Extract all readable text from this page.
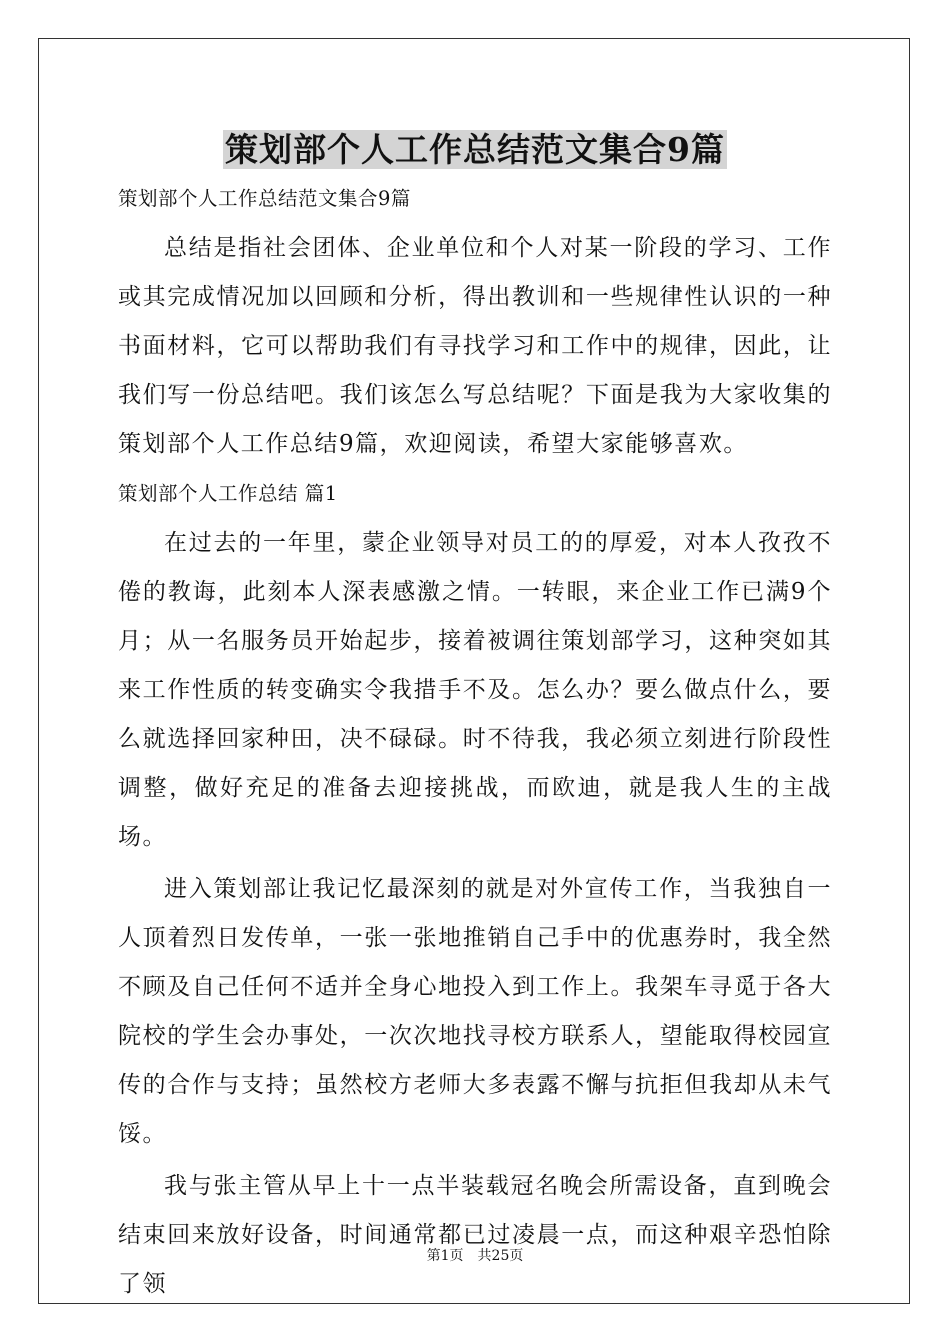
策划部个人工作总结范文集合9篇

策划部个人工作总结范文集合9篇

总结是指社会团体、企业单位和个人对某一阶段的学习、工作或其完成情况加以回顾和分析，得出教训和一些规律性认识的一种书面材料，它可以帮助我们有寻找学习和工作中的规律，因此，让我们写一份总结吧。我们该怎么写总结呢？下面是我为大家收集的策划部个人工作总结9篇，欢迎阅读，希望大家能够喜欢。

策划部个人工作总结 篇1

在过去的一年里，蒙企业领导对员工的的厚爱，对本人孜孜不倦的教诲，此刻本人深表感激之情。一转眼，来企业工作已满9个月；从一名服务员开始起步，接着被调往策划部学习，这种突如其来工作性质的转变确实令我措手不及。怎么办？要么做点什么，要么就选择回家种田，决不碌碌。时不待我，我必须立刻进行阶段性调整，做好充足的准备去迎接挑战，而欧迪，就是我人生的主战场。

进入策划部让我记忆最深刻的就是对外宣传工作，当我独自一人顶着烈日发传单，一张一张地推销自己手中的优惠券时，我全然不顾及自己任何不适并全身心地投入到工作上。我架车寻觅于各大院校的学生会办事处，一次次地找寻校方联系人，望能取得校园宣传的合作与支持；虽然校方老师大多表露不懈与抗拒但我却从未气馁。

我与张主管从早上十一点半装载冠名晚会所需设备，直到晚会结束回来放好设备，时间通常都已过凌晨一点，而这种艰辛恐怕除了领

第1页　共25页
